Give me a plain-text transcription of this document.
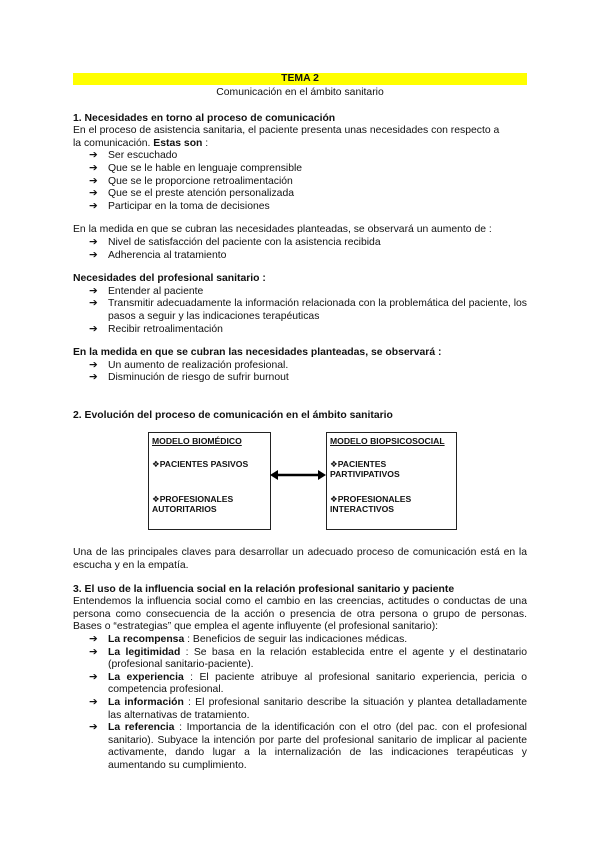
TEMA 2
Comunicación en el ámbito sanitario

1. Necesidades en torno al proceso de comunicación

En el proceso de asistencia sanitaria, el paciente presenta unas necesidades con respecto a
la comunicación. Estas son :

➔ Ser escuchado
➔ Que se le hable en lenguaje comprensible
➔ Que se le proporcione retroalimentación
➔ Que se el preste atención personalizada
➔ Participar en la toma de decisiones

En la medida en que se cubran las necesidades planteadas, se observará un aumento de :

➔ Nivel de satisfacción del paciente con la asistencia recibida
➔ Adherencia al tratamiento

Necesidades del profesional sanitario :

➔ Entender al paciente
➔ Transmitir adecuadamente la información relacionada con la problemática del paciente, los pasos a seguir y las indicaciones terapéuticas
➔ Recibir retroalimentación

En la medida en que se cubran las necesidades planteadas, se observará :

➔ Un aumento de realización profesional.
➔ Disminución de riesgo de sufrir burnout

2. Evolución del proceso de comunicación en el ámbito sanitario

MODELO BIOMÉDICO
❖PACIENTES PASIVOS
❖PROFESIONALES
AUTORITARIOS
MODELO BIOPSICOSOCIAL
❖PACIENTES
PARTIVIPATIVOS
❖PROFESIONALES
INTERACTIVOS

Una de las principales claves para desarrollar un adecuado proceso de comunicación está en la escucha y en la empatía.

3. El uso de la influencia social en la relación profesional sanitario y paciente

Entendemos la influencia social como el cambio en las creencias, actitudes o conductas de una persona como consecuencia de la acción o presencia de otra persona o grupo de personas. Bases o “estrategias” que emplea el agente influyente (el profesional sanitario):

➔ La recompensa : Beneficios de seguir las indicaciones médicas.
➔ La legitimidad : Se basa en la relación establecida entre el agente y el destinatario (profesional sanitario-paciente).
➔ La experiencia : El paciente atribuye al profesional sanitario experiencia, pericia o competencia profesional.
➔ La información : El profesional sanitario describe la situación y plantea detalladamente las alternativas de tratamiento.
➔ La referencia : Importancia de la identificación con el otro (del pac. con el profesional sanitario). Subyace la intención por parte del profesional sanitario de implicar al paciente activamente, dando lugar a la internalización de las indicaciones terapéuticas y aumentando su cumplimiento.
